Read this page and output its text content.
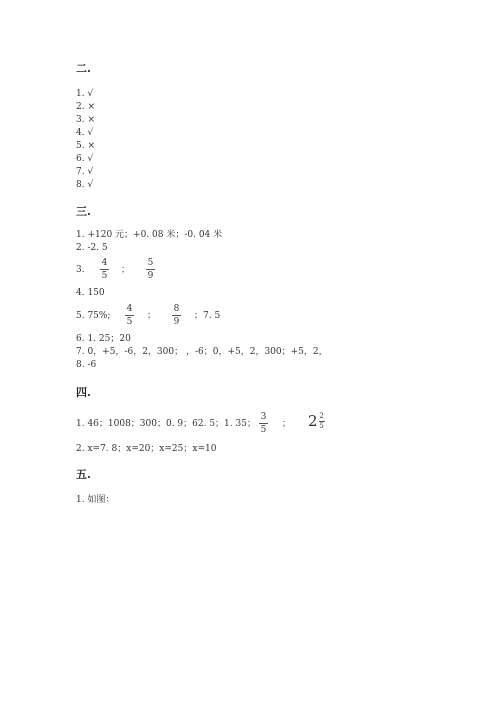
二.
1. √
2. ×
3. ×
4. √
5. ×
6. √
7. √
8. √
三.
1. +120 元；+0. 08 米；-0. 04 米
2. -2. 5
3.
4
5
；
5
9
4. 150
5. 75%;
4
5
；
8
9
；7. 5
6. 1. 25；20
7. 0，+5，-6，2，300； ，-6；0，+5，2，300；+5，2，
8. -6
四.
1. 46；1008；300；0. 9；62. 5；1. 35；
3
5
； 2 2
5
2. x=7. 8；x=20；x=25；x=10
五.
1. 如图：
